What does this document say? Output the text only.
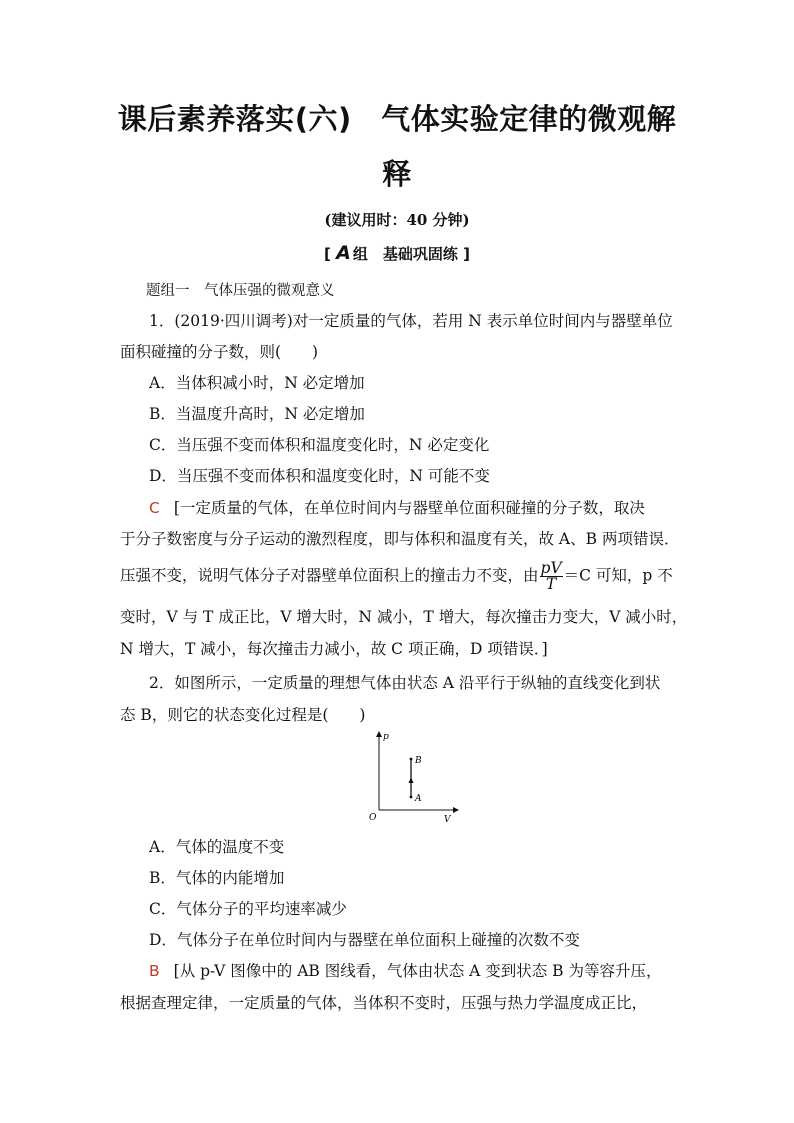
课后素养落实(六)　气体实验定律的微观解
释
(建议用时：40 分钟)
[ A 组　基础巩固练 ]
题组一　气体压强的微观意义
1．(2019·四川调考)对一定质量的气体，若用 N 表示单位时间内与器壁单位
面积碰撞的分子数，则(　　)
A．当体积减小时，N 必定增加
B．当温度升高时，N 必定增加
C．当压强不变而体积和温度变化时，N 必定变化
D．当压强不变而体积和温度变化时，N 可能不变
C [一定质量的气体，在单位时间内与器壁单位面积碰撞的分子数，取决
于分子数密度与分子运动的激烈程度，即与体积和温度有关，故 A、B 两项错误．
压强不变，说明气体分子对器壁单位面积上的撞击力不变，由 $\frac{pV}{T} =C$ 可知，p 不
变时，V 与 T 成正比，V 增大时，N 减小，T 增大，每次撞击力变大，V 减小时，
N 增大，T 减小，每次撞击力减小，故 C 项正确，D 项错误．]
2．如图所示，一定质量的理想气体由状态 A 沿平行于纵轴的直线变化到状
态 B，则它的状态变化过程是(　　)
p
V
O
A
B
A．气体的温度不变
B．气体的内能增加
C．气体分子的平均速率减少
D．气体分子在单位时间内与器壁在单位面积上碰撞的次数不变
B [从 p-V 图像中的 AB 图线看，气体由状态 A 变到状态 B 为等容升压，
根据查理定律，一定质量的气体，当体积不变时，压强与热力学温度成正比，
